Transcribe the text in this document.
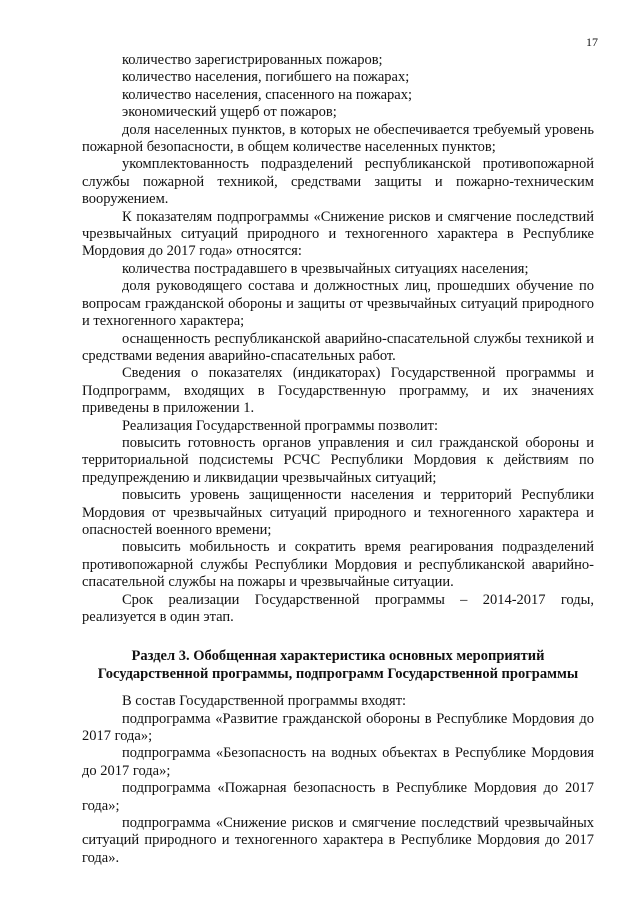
17

количество зарегистрированных пожаров;

количество населения, погибшего на пожарах;

количество населения, спасенного на пожарах;

экономический ущерб от пожаров;

доля населенных пунктов, в которых не обеспечивается требуемый уровень пожарной безопасности, в общем количестве населенных пунктов;

укомплектованность подразделений республиканской противопожарной службы пожарной техникой, средствами защиты и пожарно-техническим вооружением.

К показателям подпрограммы «Снижение рисков и смягчение последствий чрезвычайных ситуаций природного и техногенного характера в Республике Мордовия до 2017 года» относятся:

количества пострадавшего в чрезвычайных ситуациях населения;

доля руководящего состава и должностных лиц, прошедших обучение по вопросам гражданской обороны и защиты от чрезвычайных ситуаций природного и техногенного характера;

оснащенность республиканской аварийно-спасательной службы техникой и средствами ведения аварийно-спасательных работ.

Сведения о показателях (индикаторах) Государственной программы и Подпрограмм, входящих в Государственную программу, и их значениях приведены в приложении 1.

Реализация Государственной программы позволит:

повысить готовность органов управления и сил гражданской обороны и территориальной подсистемы РСЧС Республики Мордовия к действиям по предупреждению и ликвидации чрезвычайных ситуаций;

повысить уровень защищенности населения и территорий Республики Мордовия от чрезвычайных ситуаций природного и техногенного характера и опасностей военного времени;

повысить мобильность и сократить время реагирования подразделений противопожарной службы Республики Мордовия и республиканской аварийно-спасательной службы на пожары и чрезвычайные ситуации.

Срок реализации Государственной программы – 2014-2017 годы, реализуется в один этап.

Раздел 3. Обобщенная характеристика основных мероприятий
Государственной программы, подпрограмм Государственной программы

В состав Государственной программы входят:

подпрограмма «Развитие гражданской обороны в Республике Мордовия до 2017 года»;

подпрограмма «Безопасность на водных объектах в Республике Мордовия до 2017 года»;

подпрограмма «Пожарная безопасность в Республике Мордовия до 2017 года»;

подпрограмма «Снижение рисков и смягчение последствий чрезвычайных ситуаций природного и техногенного характера в Республике Мордовия до 2017 года».
